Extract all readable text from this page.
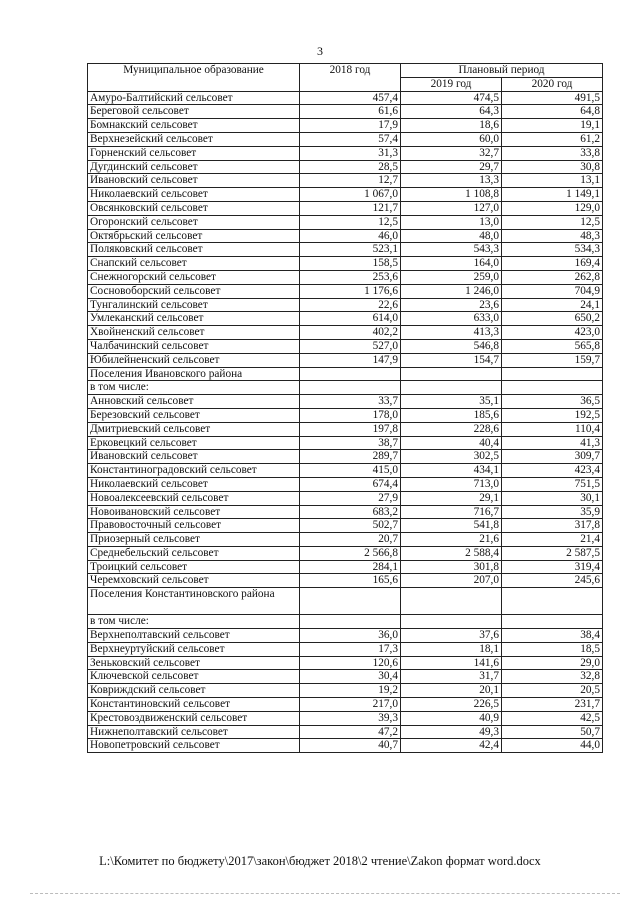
3
Муниципальное образование	2018 год	Плановый период	
		2019 год	2020 год
Амуро-Балтийский сельсовет	457,4	474,5	491,5
Береговой сельсовет	61,6	64,3	64,8
Бомнакский сельсовет	17,9	18,6	19,1
Верхнезейский сельсовет	57,4	60,0	61,2
Горненский сельсовет	31,3	32,7	33,8
Дугдинский сельсовет	28,5	29,7	30,8
Ивановский сельсовет	12,7	13,3	13,1
Николаевский сельсовет	1 067,0	1 108,8	1 149,1
Овсянковский сельсовет	121,7	127,0	129,0
Огоронский сельсовет	12,5	13,0	12,5
Октябрьский сельсовет	46,0	48,0	48,3
Поляковский сельсовет	523,1	543,3	534,3
Снапский сельсовет	158,5	164,0	169,4
Снежногорский сельсовет	253,6	259,0	262,8
Сосновоборский сельсовет	1 176,6	1 246,0	704,9
Тунгалинский сельсовет	22,6	23,6	24,1
Умлеканский сельсовет	614,0	633,0	650,2
Хвойненский сельсовет	402,2	413,3	423,0
Чалбачинский сельсовет	527,0	546,8	565,8
Юбилейненский сельсовет	147,9	154,7	159,7
Поселения Ивановского района			
в том числе:			
Анновский сельсовет	33,7	35,1	36,5
Березовский сельсовет	178,0	185,6	192,5
Дмитриевский сельсовет	197,8	228,6	110,4
Ерковецкий сельсовет	38,7	40,4	41,3
Ивановский сельсовет	289,7	302,5	309,7
Константиноградовский сельсовет	415,0	434,1	423,4
Николаевский сельсовет	674,4	713,0	751,5
Новоалексеевский сельсовет	27,9	29,1	30,1
Новоивановский сельсовет	683,2	716,7	35,9
Правовосточный сельсовет	502,7	541,8	317,8
Приозерный сельсовет	20,7	21,6	21,4
Среднебельский сельсовет	2 566,8	2 588,4	2 587,5
Троицкий сельсовет	284,1	301,8	319,4
Черемховский сельсовет	165,6	207,0	245,6
Поселения Константиновского района			
в том числе:			
Верхнеполтавский сельсовет	36,0	37,6	38,4
Верхнеуртуйский сельсовет	17,3	18,1	18,5
Зеньковский сельсовет	120,6	141,6	29,0
Ключевской сельсовет	30,4	31,7	32,8
Ковриждский сельсовет	19,2	20,1	20,5
Константиновский сельсовет	217,0	226,5	231,7
Крестовоздвиженский сельсовет	39,3	40,9	42,5
Нижнеполтавский сельсовет	47,2	49,3	50,7
Новопетровский сельсовет	40,7	42,4	44,0
L:\Комитет по бюджету\2017\закон\бюджет 2018\2 чтение\Zakon формат word.docx
